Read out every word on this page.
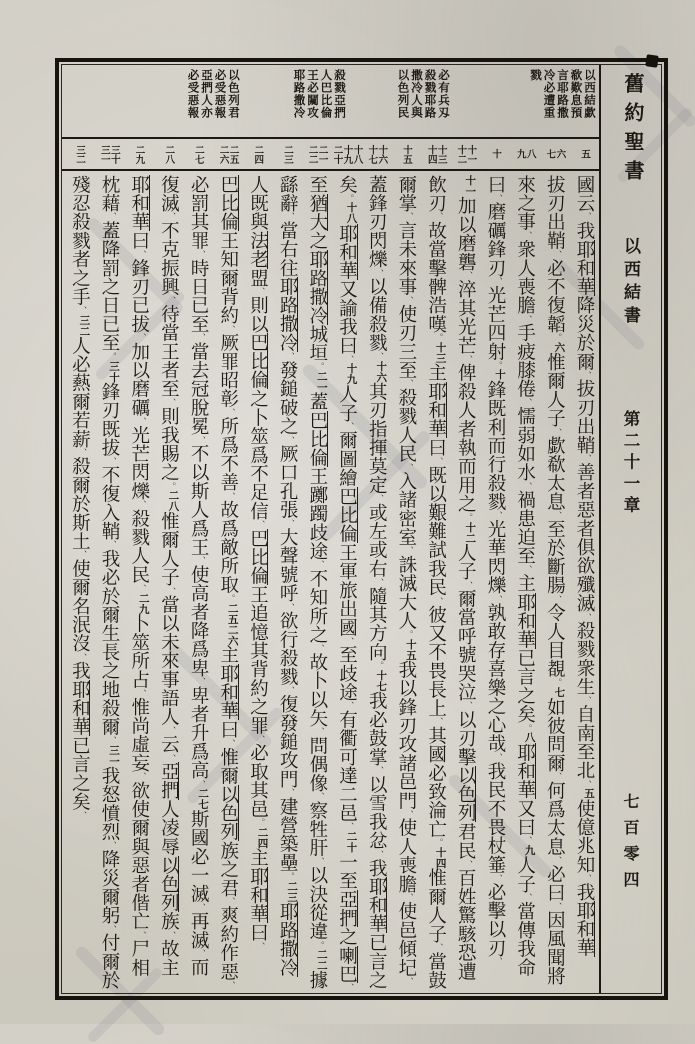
以西結歔
欷歎息預
言耶路撒
冷必遭重
戮
必有兵刄
殺戮耶路
撒冷人與
以色列民
殺戮亞捫
人巴比倫
王必闚攻
耶路撒冷
以色列君
必受惡報
亞捫人亦
必受惡報
五
六
七
八
九
十
十一
十二
十三
十四
十五
十六
十七
十八
十九
二十
二一
二二
二三
二四
二五
二六
二七
二八
二九
三十
三一
三二
國云、我耶和華降災於爾、拔刃出鞘、善者惡者俱欲殲滅、殺戮衆生、自南至北、五使億兆知、我耶和華
拔刃出鞘、必不復韜。六惟爾人子、歔欷太息、至於斷腸、令人目覩。七如彼問爾、何爲太息、必曰、因風聞將
來之事、衆人喪膽、手疲膝倦、懦弱如水、禍患迫至、主耶和華已言之矣。八耶和華又曰、九人子、當傳我命
曰、磨礪鋒刃、光芒四射。十鋒既利而行殺戮、光華閃爍、孰敢存喜樂之心哉、我民不畏杖箠、必擊以刃、
十一加以磨礱、淬其光芒、俾殺人者執而用之。十二人子、爾當呼號哭泣、以刃擊以色列君民、百姓驚駭恐遭
飲刃、故當擊髀浩嘆。十三主耶和華曰、既以艱難試我民、彼又不畏長上、其國必致淪亡。十四惟爾人子、當鼓
爾掌、言未來事、使刃三至、殺戮人民、入諸密室、誅滅大人。十五我以鋒刃攻諸邑門、使人喪膽、使邑傾圮、
蓋鋒刃閃爍、以備殺戮、十六其刃指揮莫定、或左或右、隨其方向。十七我必鼓掌、以雪我忿、我耶和華已言之
矣。十八耶和華又諭我曰、十九人子、爾圖繪巴比倫王軍旅出國、至歧途、有衢可達二邑、二十一至亞捫之喇巴、
至猶大之耶路撒冷城垣。二一蓋巴比倫王躑躅歧途、不知所之、故卜以矢、問偶像、察牲肝、以決從違。二二據
繇辭、當右往耶路撒冷、發鎚破之、厥口孔張、大聲號呼、欲行殺戮、復發鎚攻門、建營築壘。二三耶路撒冷
人既與法老盟、則以巴比倫之卜筮爲不足信、巴比倫王追憶其背約之罪、必取其邑。二四主耶和華曰、
巴比倫王知爾背約、厥罪昭彰、所爲不善、故爲敵所取。二五二六主耶和華曰、惟爾以色列族之君、爽約作惡、
必罰其罪、時日已至、當去冠脫冕、不以斯人爲王、使高者降爲卑、卑者升爲高、二七斯國必一滅、再滅、而
復滅、不克振興、待當王者至、則我賜之。二八惟爾人子、當以未來事語人、云、亞捫人凌辱以色列族、故主
耶和華曰、鋒刃已拔、加以磨礪、光芒閃爍、殺戮人民、二九卜筮所占、惟尚虛妄、欲使爾與惡者偕亡、尸相
枕藉、蓋降罰之日已至。三十鋒刃既拔、不復入鞘、我必於爾生長之地殺爾、三一我怒憤烈、降災爾躬、付爾於
殘忍殺戮者之手、三二人必爇爾若薪、殺爾於斯土、使爾名泯沒、我耶和華已言之矣、
舊約聖書
以西結書
第二十一章
七百零四
